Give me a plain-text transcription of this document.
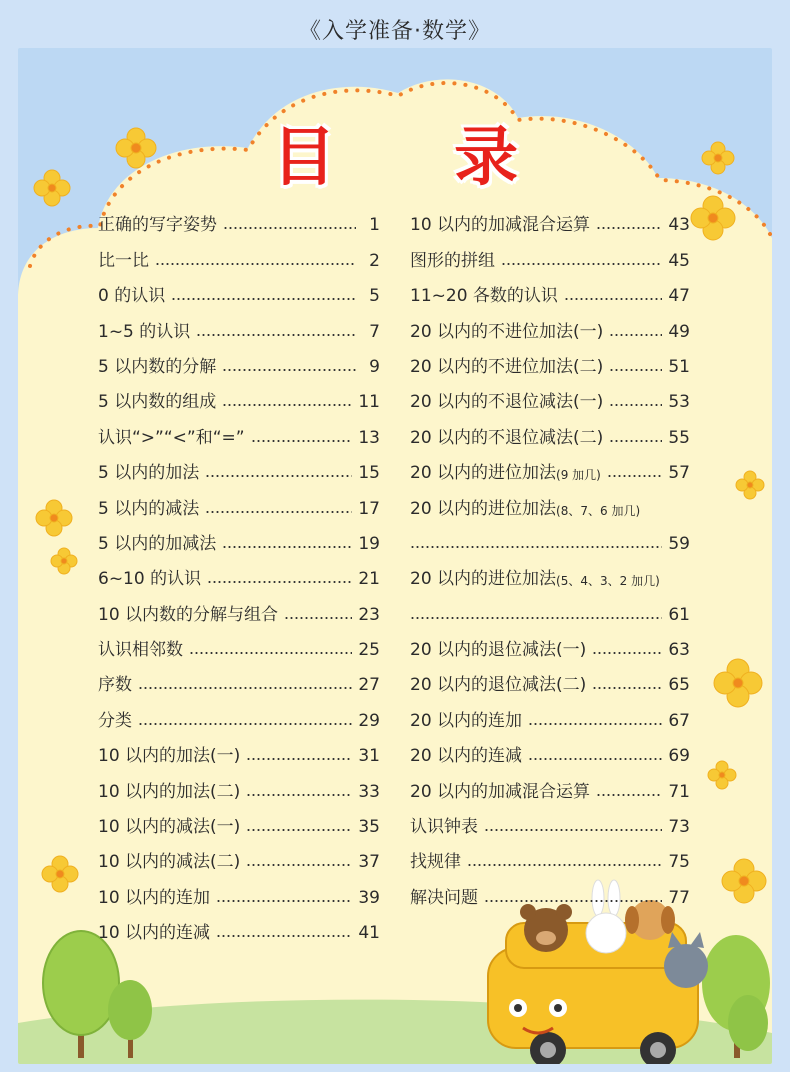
《入学准备·数学》
目 录
正确的写字姿势	1
比一比	2
0 的认识	5
1~5 的认识	7
5 以内数的分解	9
5 以内数的组成	11
认识“>”“<”和“=”	13
5 以内的加法	15
5 以内的减法	17
5 以内的加减法	19
6~10 的认识	21
10 以内数的分解与组合	23
认识相邻数	25
序数	27
分类	29
10 以内的加法(一)	31
10 以内的加法(二)	33
10 以内的减法(一)	35
10 以内的减法(二)	37
10 以内的连加	39
10 以内的连减	41
10 以内的加减混合运算	43
图形的拼组	45
11~20 各数的认识	47
20 以内的不进位加法(一)	49
20 以内的不进位加法(二)	51
20 以内的不退位减法(一)	53
20 以内的不退位减法(二)	55
20 以内的进位加法 (9 加几)	57
20 以内的进位加法 (8、7、6 加几)
59
20 以内的进位加法 (5、4、3、2 加几)
61
20 以内的退位减法(一)	63
20 以内的退位减法(二)	65
20 以内的连加	67
20 以内的连减	69
20 以内的加减混合运算	71
认识钟表	73
找规律	75
解决问题	77
